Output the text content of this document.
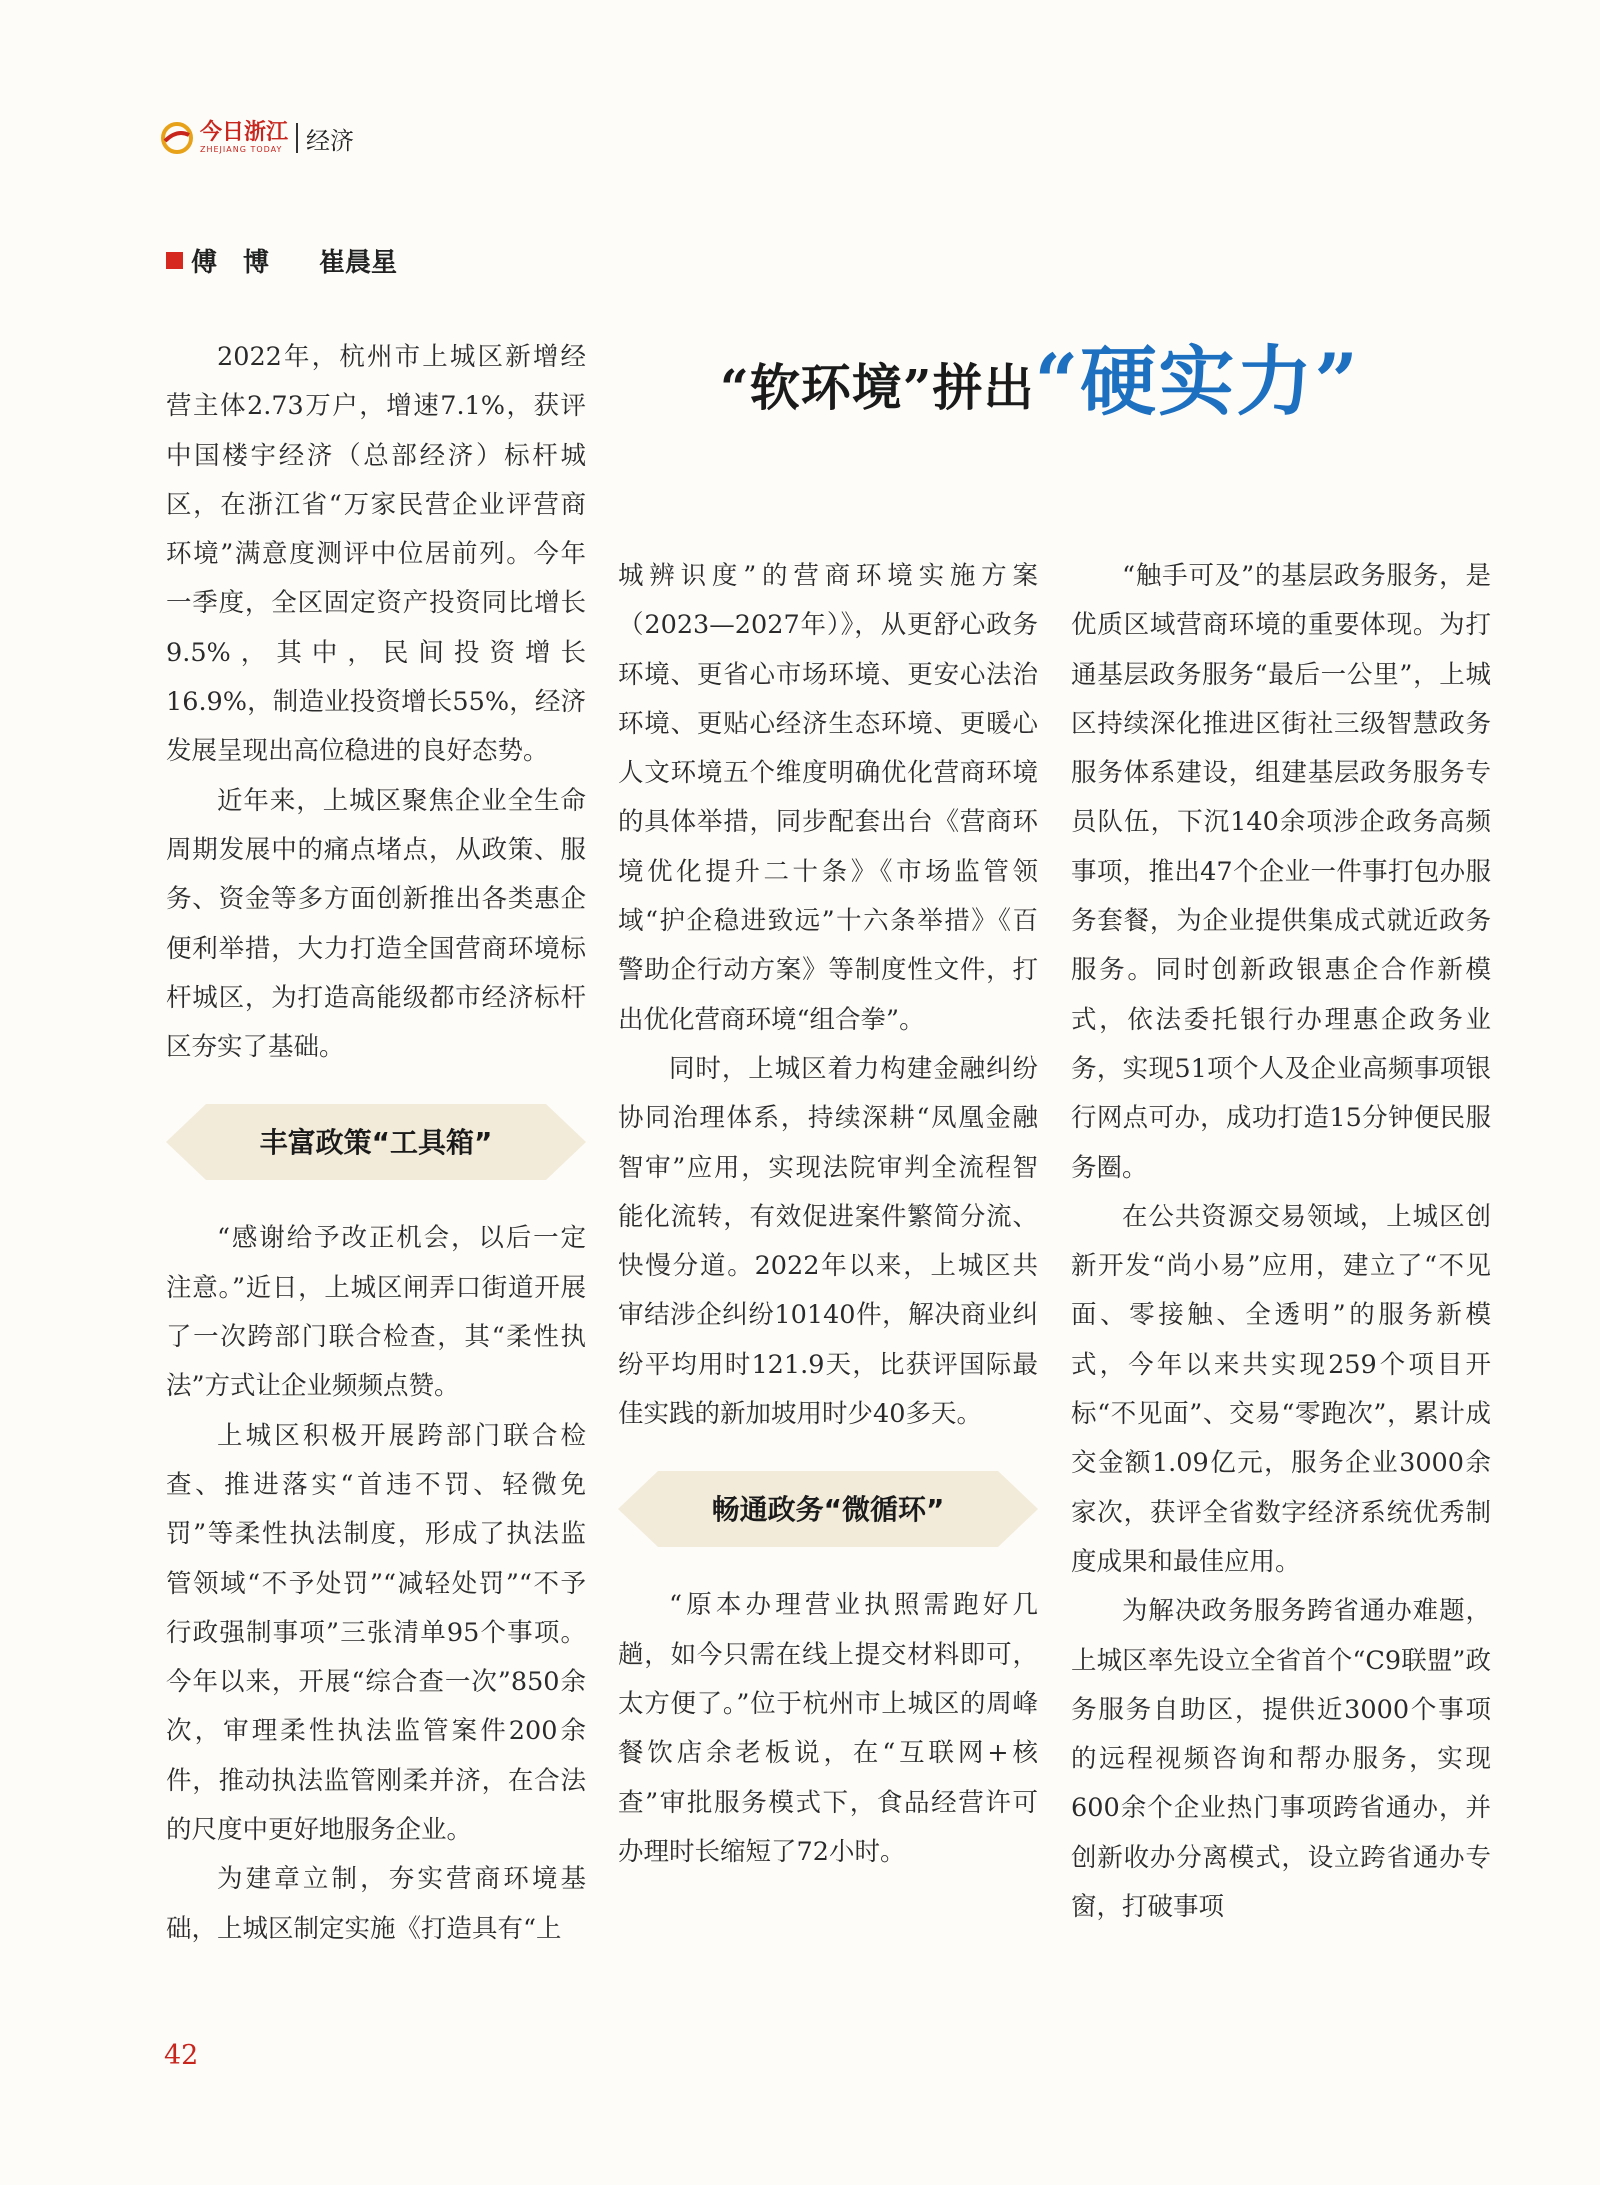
今日浙江
ZHEJIANG TODAY 经济
傅　博 崔晨星
“软环境”拼出 “硬实力”

2022年，杭州市上城区新增经营主体2.73万户，增速7.1%，获评中国楼宇经济（总部经济）标杆城区，在浙江省“万家民营企业评营商环境”满意度测评中位居前列。今年一季度，全区固定资产投资同比增长9.5%，其中，民间投资增长16.9%，制造业投资增长55%，经济发展呈现出高位稳进的良好态势。

近年来，上城区聚焦企业全生命周期发展中的痛点堵点，从政策、服务、资金等多方面创新推出各类惠企便利举措，大力打造全国营商环境标杆城区，为打造高能级都市经济标杆区夯实了基础。

丰富政策“工具箱”

“感谢给予改正机会，以后一定注意。”近日，上城区闸弄口街道开展了一次跨部门联合检查，其“柔性执法”方式让企业频频点赞。

上城区积极开展跨部门联合检查、推进落实“首违不罚、轻微免罚”等柔性执法制度，形成了执法监管领域“不予处罚”“减轻处罚”“不予行政强制事项”三张清单95个事项。今年以来，开展“综合查一次”850余次，审理柔性执法监管案件200余件，推动执法监管刚柔并济，在合法的尺度中更好地服务企业。

为建章立制，夯实营商环境基础，上城区制定实施《打造具有“上

城辨识度”的营商环境实施方案（2023—2027年）》，从更舒心政务环境、更省心市场环境、更安心法治环境、更贴心经济生态环境、更暖心人文环境五个维度明确优化营商环境的具体举措，同步配套出台《营商环境优化提升二十条》《市场监管领域“护企稳进致远”十六条举措》《百警助企行动方案》等制度性文件，打出优化营商环境“组合拳”。

同时，上城区着力构建金融纠纷协同治理体系，持续深耕“凤凰金融智审”应用，实现法院审判全流程智能化流转，有效促进案件繁简分流、快慢分道。2022年以来，上城区共审结涉企纠纷10140件，解决商业纠纷平均用时121.9天，比获评国际最佳实践的新加坡用时少40多天。

畅通政务“微循环”

“原本办理营业执照需跑好几趟，如今只需在线上提交材料即可，太方便了。”位于杭州市上城区的周峰餐饮店余老板说，在“互联网+核查”审批服务模式下，食品经营许可办理时长缩短了72小时。

“触手可及”的基层政务服务，是优质区域营商环境的重要体现。为打通基层政务服务“最后一公里”，上城区持续深化推进区街社三级智慧政务服务体系建设，组建基层政务服务专员队伍，下沉140余项涉企政务高频事项，推出47个企业一件事打包办服务套餐，为企业提供集成式就近政务服务。同时创新政银惠企合作新模式，依法委托银行办理惠企政务业务，实现51项个人及企业高频事项银行网点可办，成功打造15分钟便民服务圈。

在公共资源交易领域，上城区创新开发“尚小易”应用，建立了“不见面、零接触、全透明”的服务新模式，今年以来共实现259个项目开标“不见面”、交易“零跑次”，累计成交金额1.09亿元，服务企业3000余家次，获评全省数字经济系统优秀制度成果和最佳应用。

为解决政务服务跨省通办难题，上城区率先设立全省首个“C9联盟”政务服务自助区，提供近3000个事项的远程视频咨询和帮办服务，实现600余个企业热门事项跨省通办，并创新收办分离模式，设立跨省通办专窗，打破事项

42
